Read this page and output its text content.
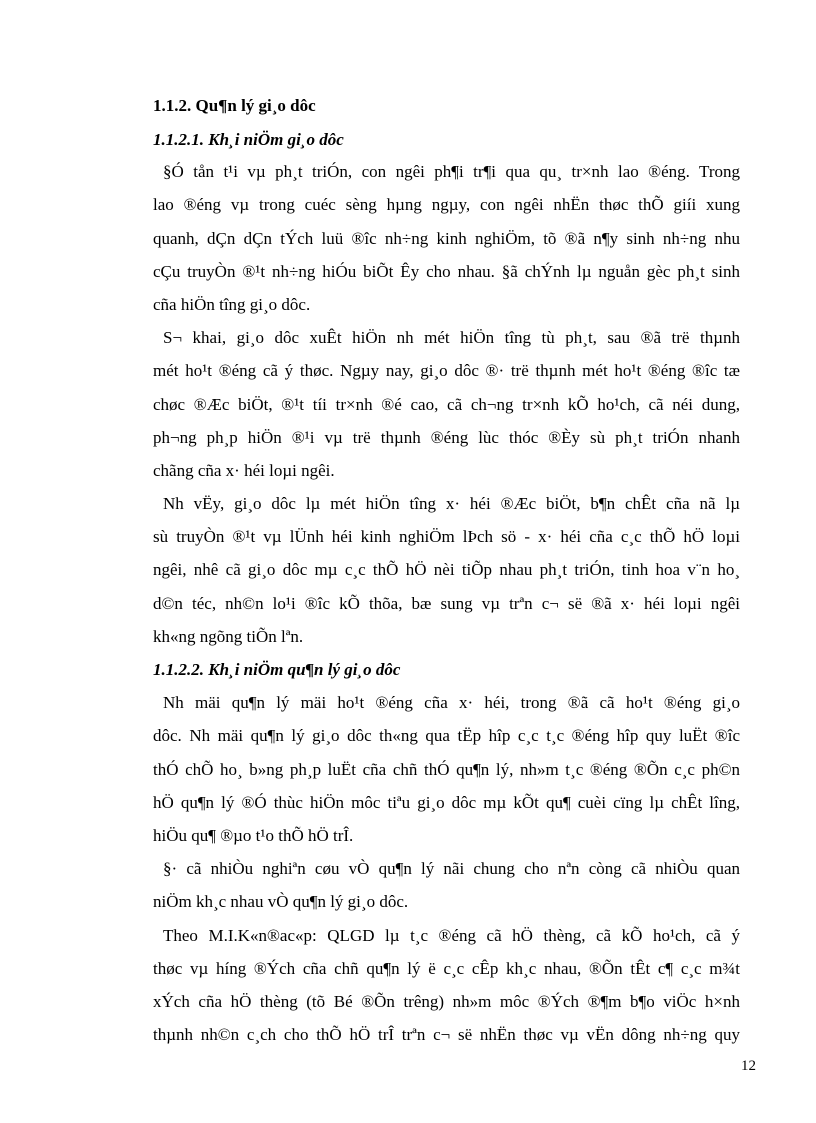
1.1.2. Qu¶n lý gi¸o dôc
1.1.2.1. Kh¸i niÖm gi¸o dôc
§Ó tån t¹i vµ ph¸t triÓn, con ngêi ph¶i tr¶i qua qu¸ tr×nh lao ®éng. Trong
lao ®éng vµ trong cuéc sèng hµng ngµy, con ngêi nhËn thøc thÕ giíi xung
quanh, dÇn dÇn tÝch luü ®îc nh÷ng kinh nghiÖm, tõ ®ã n¶y sinh nh÷ng nhu
cÇu truyÒn ®¹t nh÷ng hiÓu biÕt Êy cho nhau. §ã chÝnh lµ nguån gèc ph¸t sinh
cña hiÖn tîng gi¸o dôc.
S¬ khai, gi¸o dôc xuÊt hiÖn nh mét hiÖn tîng tù ph¸t, sau ®ã trë thµnh
mét ho¹t ®éng cã ý thøc. Ngµy nay, gi¸o dôc ®· trë thµnh mét ho¹t ®éng ®îc tæ
chøc ®Æc biÖt, ®¹t tíi tr×nh ®é cao, cã ch¬ng tr×nh kÕ ho¹ch, cã néi dung,
ph¬ng ph¸p hiÖn ®¹i vµ trë thµnh ®éng lùc thóc ®Èy sù ph¸t triÓn nhanh
chãng cña x· héi loµi ngêi.
Nh vËy, gi¸o dôc lµ mét hiÖn tîng x· héi ®Æc biÖt, b¶n chÊt cña nã lµ
sù truyÒn ®¹t vµ lÜnh héi kinh nghiÖm lÞch sö - x· héi cña c¸c thÕ hÖ loµi
ngêi, nhê cã gi¸o dôc mµ c¸c thÕ hÖ nèi tiÕp nhau ph¸t triÓn, tinh hoa v¨n ho¸
d©n téc, nh©n lo¹i ®îc kÕ thõa, bæ sung vµ trªn c¬ së ®ã x· héi loµi ngêi
kh«ng ngõng tiÕn lªn.
1.1.2.2. Kh¸i niÖm qu¶n lý gi¸o dôc
Nh mäi qu¶n lý mäi ho¹t ®éng cña x· héi, trong ®ã cã ho¹t ®éng gi¸o
dôc. Nh mäi qu¶n lý gi¸o dôc th«ng qua tËp hîp c¸c t¸c ®éng hîp quy luËt ®îc
thÓ chÕ ho¸ b»ng ph¸p luËt cña chñ thÓ qu¶n lý, nh»m t¸c ®éng ®Õn c¸c ph©n
hÖ qu¶n lý ®Ó thùc hiÖn môc tiªu gi¸o dôc mµ kÕt qu¶ cuèi cïng lµ chÊt lîng,
hiÖu qu¶ ®µo t¹o thÕ hÖ trÎ.
§· cã nhiÒu nghiªn cøu vÒ qu¶n lý nãi chung cho nªn còng cã nhiÒu quan
niÖm kh¸c nhau vÒ qu¶n lý gi¸o dôc.
Theo M.I.K«n®ac«p: QLGD lµ t¸c ®éng cã hÖ thèng, cã kÕ ho¹ch, cã ý
thøc vµ híng ®Ých cña chñ qu¶n lý ë c¸c cÊp kh¸c nhau, ®Õn tÊt c¶ c¸c m¾t
xÝch cña hÖ thèng (tõ Bé ®Õn trêng) nh»m môc ®Ých ®¶m b¶o viÖc h×nh
thµnh nh©n c¸ch cho thÕ hÖ trÎ trªn c¬ së nhËn thøc vµ vËn dông nh÷ng quy
12
